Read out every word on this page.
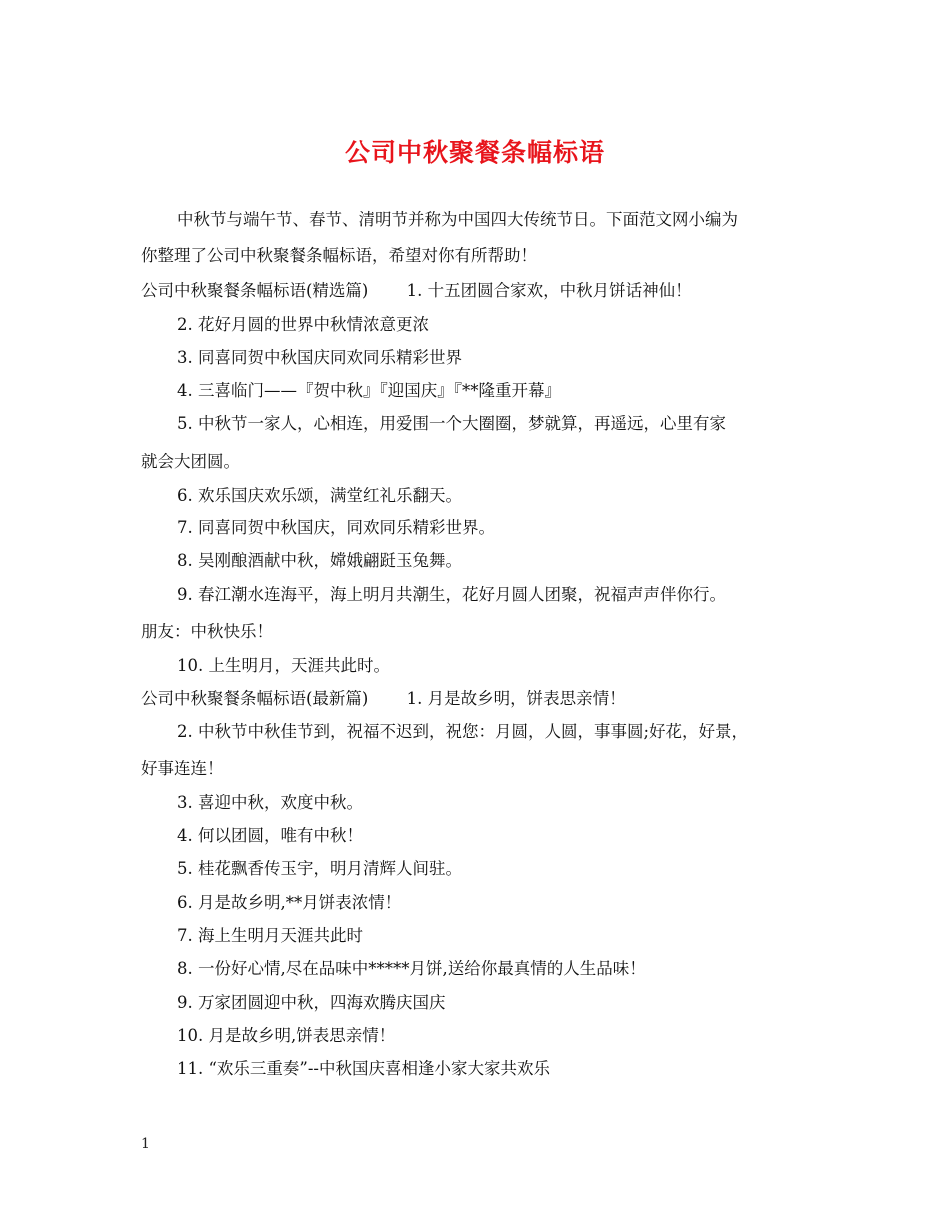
公司中秋聚餐条幅标语
中秋节与端午节、春节、清明节并称为中国四大传统节日。下面范文网小编为
你整理了公司中秋聚餐条幅标语，希望对你有所帮助！
公司中秋聚餐条幅标语(精选篇)　　 1. 十五团圆合家欢，中秋月饼话神仙！
2. 花好月圆的世界中秋情浓意更浓
3. 同喜同贺中秋国庆同欢同乐精彩世界
4. 三喜临门——『贺中秋』『迎国庆』『**隆重开幕』
5. 中秋节一家人，心相连，用爱围一个大圈圈，梦就算，再遥远，心里有家
就会大团圆。
6. 欢乐国庆欢乐颂，满堂红礼乐翻天。
7. 同喜同贺中秋国庆，同欢同乐精彩世界。
8. 吴刚酿酒献中秋，嫦娥翩跹玉兔舞。
9. 春江潮水连海平，海上明月共潮生，花好月圆人团聚，祝福声声伴你行。
朋友：中秋快乐！
10. 上生明月，天涯共此时。
公司中秋聚餐条幅标语(最新篇)　　 1. 月是故乡明，饼表思亲情！
2. 中秋节中秋佳节到，祝福不迟到，祝您：月圆，人圆，事事圆;好花，好景，
好事连连！
3. 喜迎中秋，欢度中秋。
4. 何以团圆，唯有中秋！
5. 桂花飘香传玉宇，明月清辉人间驻。
6. 月是故乡明,**月饼表浓情！
7. 海上生明月天涯共此时
8. 一份好心情,尽在品味中*****月饼,送给你最真情的人生品味！
9. 万家团圆迎中秋，四海欢腾庆国庆
10. 月是故乡明,饼表思亲情！
11. “欢乐三重奏”--中秋国庆喜相逢小家大家共欢乐
1
